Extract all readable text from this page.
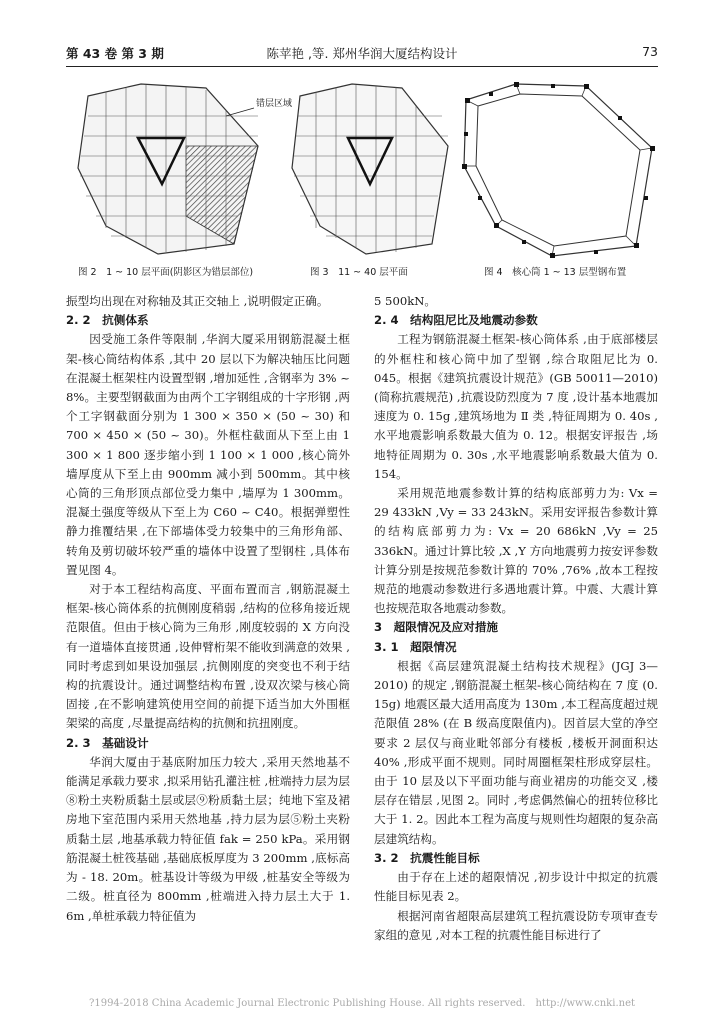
第 43 卷 第 3 期	陈苹艳 ,等. 郑州华润大厦结构设计	73
错层区域
图 2　1 ~ 10 层平面(阴影区为错层部位)	图 3　11 ~ 40 层平面	图 4　核心筒 1 ~ 13 层型钢布置

振型均出现在对称轴及其正交轴上 ,说明假定正确。

2. 2　抗侧体系

因受施工条件等限制 ,华润大厦采用钢筋混凝土框架-核心筒结构体系 ,其中 20 层以下为解决轴压比问题在混凝土框架柱内设置型钢 ,增加延性 ,含钢率为 3% ~ 8%。主要型钢截面为由两个工字钢组成的十字形钢 ,两个工字钢截面分别为 1 300 × 350 × (50 ~ 30) 和 700 × 450 × (50 ~ 30)。外框柱截面从下至上由 1 300 × 1 800 逐步缩小到 1 100 × 1 000 ,核心筒外墙厚度从下至上由 900mm 减小到 500mm。其中核心筒的三角形顶点部位受力集中 ,墙厚为 1 300mm。混凝土强度等级从下至上为 C60 ~ C40。根据弹塑性静力推覆结果 ,在下部墙体受力较集中的三角形角部、转角及剪切破坏较严重的墙体中设置了型钢柱 ,具体布置见图 4。

对于本工程结构高度、平面布置而言 ,钢筋混凝土框架-核心筒体系的抗侧刚度稍弱 ,结构的位移角接近规范限值。但由于核心筒为三角形 ,刚度较弱的 X 方向没有一道墙体直接贯通 ,设伸臂桁架不能收到满意的效果 ,同时考虑到如果设加强层 ,抗侧刚度的突变也不利于结构的抗震设计。通过调整结构布置 ,设双次梁与核心筒固接 ,在不影响建筑使用空间的前提下适当加大外围框架梁的高度 ,尽量提高结构的抗侧和抗扭刚度。

2. 3　基础设计

华润大厦由于基底附加压力较大 ,采用天然地基不能满足承载力要求 ,拟采用钻孔灌注桩 ,桩端持力层为层⑧粉土夹粉质黏土层或层⑨粉质黏土层；纯地下室及裙房地下室范围内采用天然地基 ,持力层为层⑤粉土夹粉质黏土层 ,地基承载力特征值 fak = 250 kPa。采用钢筋混凝土桩筏基础 ,基础底板厚度为 3 200mm ,底标高为 - 18. 20m。桩基设计等级为甲级 ,桩基安全等级为二级。桩直径为 800mm ,桩端进入持力层土大于 1. 6m ,单桩承载力特征值为

5 500kN。

2. 4　结构阻尼比及地震动参数

工程为钢筋混凝土框架-核心筒体系 ,由于底部楼层的外框柱和核心筒中加了型钢 ,综合取阻尼比为 0. 045。根据《建筑抗震设计规范》(GB 50011—2010) (简称抗震规范) ,抗震设防烈度为 7 度 ,设计基本地震加速度为 0. 15g ,建筑场地为 Ⅱ 类 ,特征周期为 0. 40s ,水平地震影响系数最大值为 0. 12。根据安评报告 ,场地特征周期为 0. 30s ,水平地震影响系数最大值为 0. 154。

采用规范地震参数计算的结构底部剪力为: Vx = 29 433kN ,Vy = 33 243kN。采用安评报告参数计算的结构底部剪力为: Vx = 20 686kN ,Vy = 25 336kN。通过计算比较 ,X ,Y 方向地震剪力按安评参数计算分别是按规范参数计算的 70% ,76% ,故本工程按规范的地震动参数进行多遇地震计算。中震、大震计算也按规范取各地震动参数。

3　超限情况及应对措施

3. 1　超限情况

根据《高层建筑混凝土结构技术规程》(JGJ 3—2010) 的规定 ,钢筋混凝土框架-核心筒结构在 7 度 (0. 15g) 地震区最大适用高度为 130m ,本工程高度超过规范限值 28% (在 B 级高度限值内)。因首层大堂的净空要求 2 层仅与商业毗邻部分有楼板 ,楼板开洞面积达 40% ,形成平面不规则。同时周圈框架柱形成穿层柱。由于 10 层及以下平面功能与商业裙房的功能交叉 ,楼层存在错层 ,见图 2。同时 ,考虑偶然偏心的扭转位移比大于 1. 2。因此本工程为高度与规则性均超限的复杂高层建筑结构。

3. 2　抗震性能目标

由于存在上述的超限情况 ,初步设计中拟定的抗震性能目标见表 2。

根据河南省超限高层建筑工程抗震设防专项审查专家组的意见 ,对本工程的抗震性能目标进行了

?1994-2018 China Academic Journal Electronic Publishing House. All rights reserved.　http://www.cnki.net
